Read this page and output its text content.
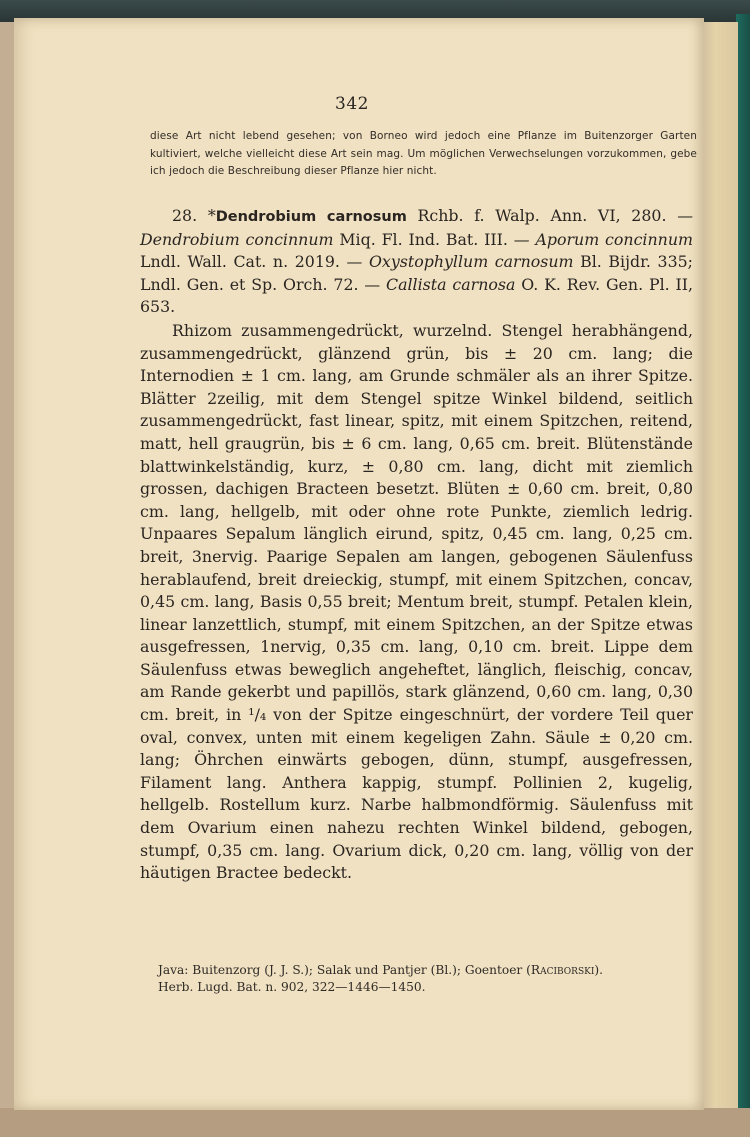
342
diese Art nicht lebend gesehen; von Borneo wird jedoch eine Pflanze im Buitenzorger Garten kultiviert, welche vielleicht diese Art sein mag. Um möglichen Verwechselungen vorzukommen, gebe ich jedoch die Beschreibung dieser Pflanze hier nicht.

28. *Dendrobium carnosum Rchb. f. Walp. Ann. VI, 280. — Dendrobium concinnum Miq. Fl. Ind. Bat. III. — Aporum concinnum Lndl. Wall. Cat. n. 2019. — Oxystophyllum carnosum Bl. Bijdr. 335; Lndl. Gen. et Sp. Orch. 72. — Callista carnosa O. K. Rev. Gen. Pl. II, 653.

Rhizom zusammengedrückt, wurzelnd. Stengel herabhängend, zusammengedrückt, glänzend grün, bis ± 20 cm. lang; die Internodien ± 1 cm. lang, am Grunde schmäler als an ihrer Spitze. Blätter 2zeilig, mit dem Stengel spitze Winkel bildend, seitlich zusammengedrückt, fast linear, spitz, mit einem Spitzchen, reitend, matt, hell graugrün, bis ± 6 cm. lang, 0,65 cm. breit. Blütenstände blattwinkelständig, kurz, ± 0,80 cm. lang, dicht mit ziemlich grossen, dachigen Bracteen besetzt. Blüten ± 0,60 cm. breit, 0,80 cm. lang, hellgelb, mit oder ohne rote Punkte, ziemlich ledrig. Unpaares Sepalum länglich eirund, spitz, 0,45 cm. lang, 0,25 cm. breit, 3nervig. Paarige Sepalen am langen, gebogenen Säulenfuss herablaufend, breit dreieckig, stumpf, mit einem Spitzchen, concav, 0,45 cm. lang, Basis 0,55 breit; Mentum breit, stumpf. Petalen klein, linear lanzettlich, stumpf, mit einem Spitzchen, an der Spitze etwas ausgefressen, 1nervig, 0,35 cm. lang, 0,10 cm. breit. Lippe dem Säulenfuss etwas beweglich angeheftet, länglich, fleischig, concav, am Rande gekerbt und papillös, stark glänzend, 0,60 cm. lang, 0,30 cm. breit, in ¹/₄ von der Spitze eingeschnürt, der vordere Teil quer oval, convex, unten mit einem kegeligen Zahn. Säule ± 0,20 cm. lang; Öhrchen einwärts gebogen, dünn, stumpf, ausgefressen, Filament lang. Anthera kappig, stumpf. Pollinien 2, kugelig, hellgelb. Rostellum kurz. Narbe halbmondförmig. Säulenfuss mit dem Ovarium einen nahezu rechten Winkel bildend, gebogen, stumpf, 0,35 cm. lang. Ovarium dick, 0,20 cm. lang, völlig von der häutigen Bractee bedeckt.

Java: Buitenzorg (J. J. S.); Salak und Pantjer (Bl.); Goentoer (Raciborski).

Herb. Lugd. Bat. n. 902, 322—1446—1450.
